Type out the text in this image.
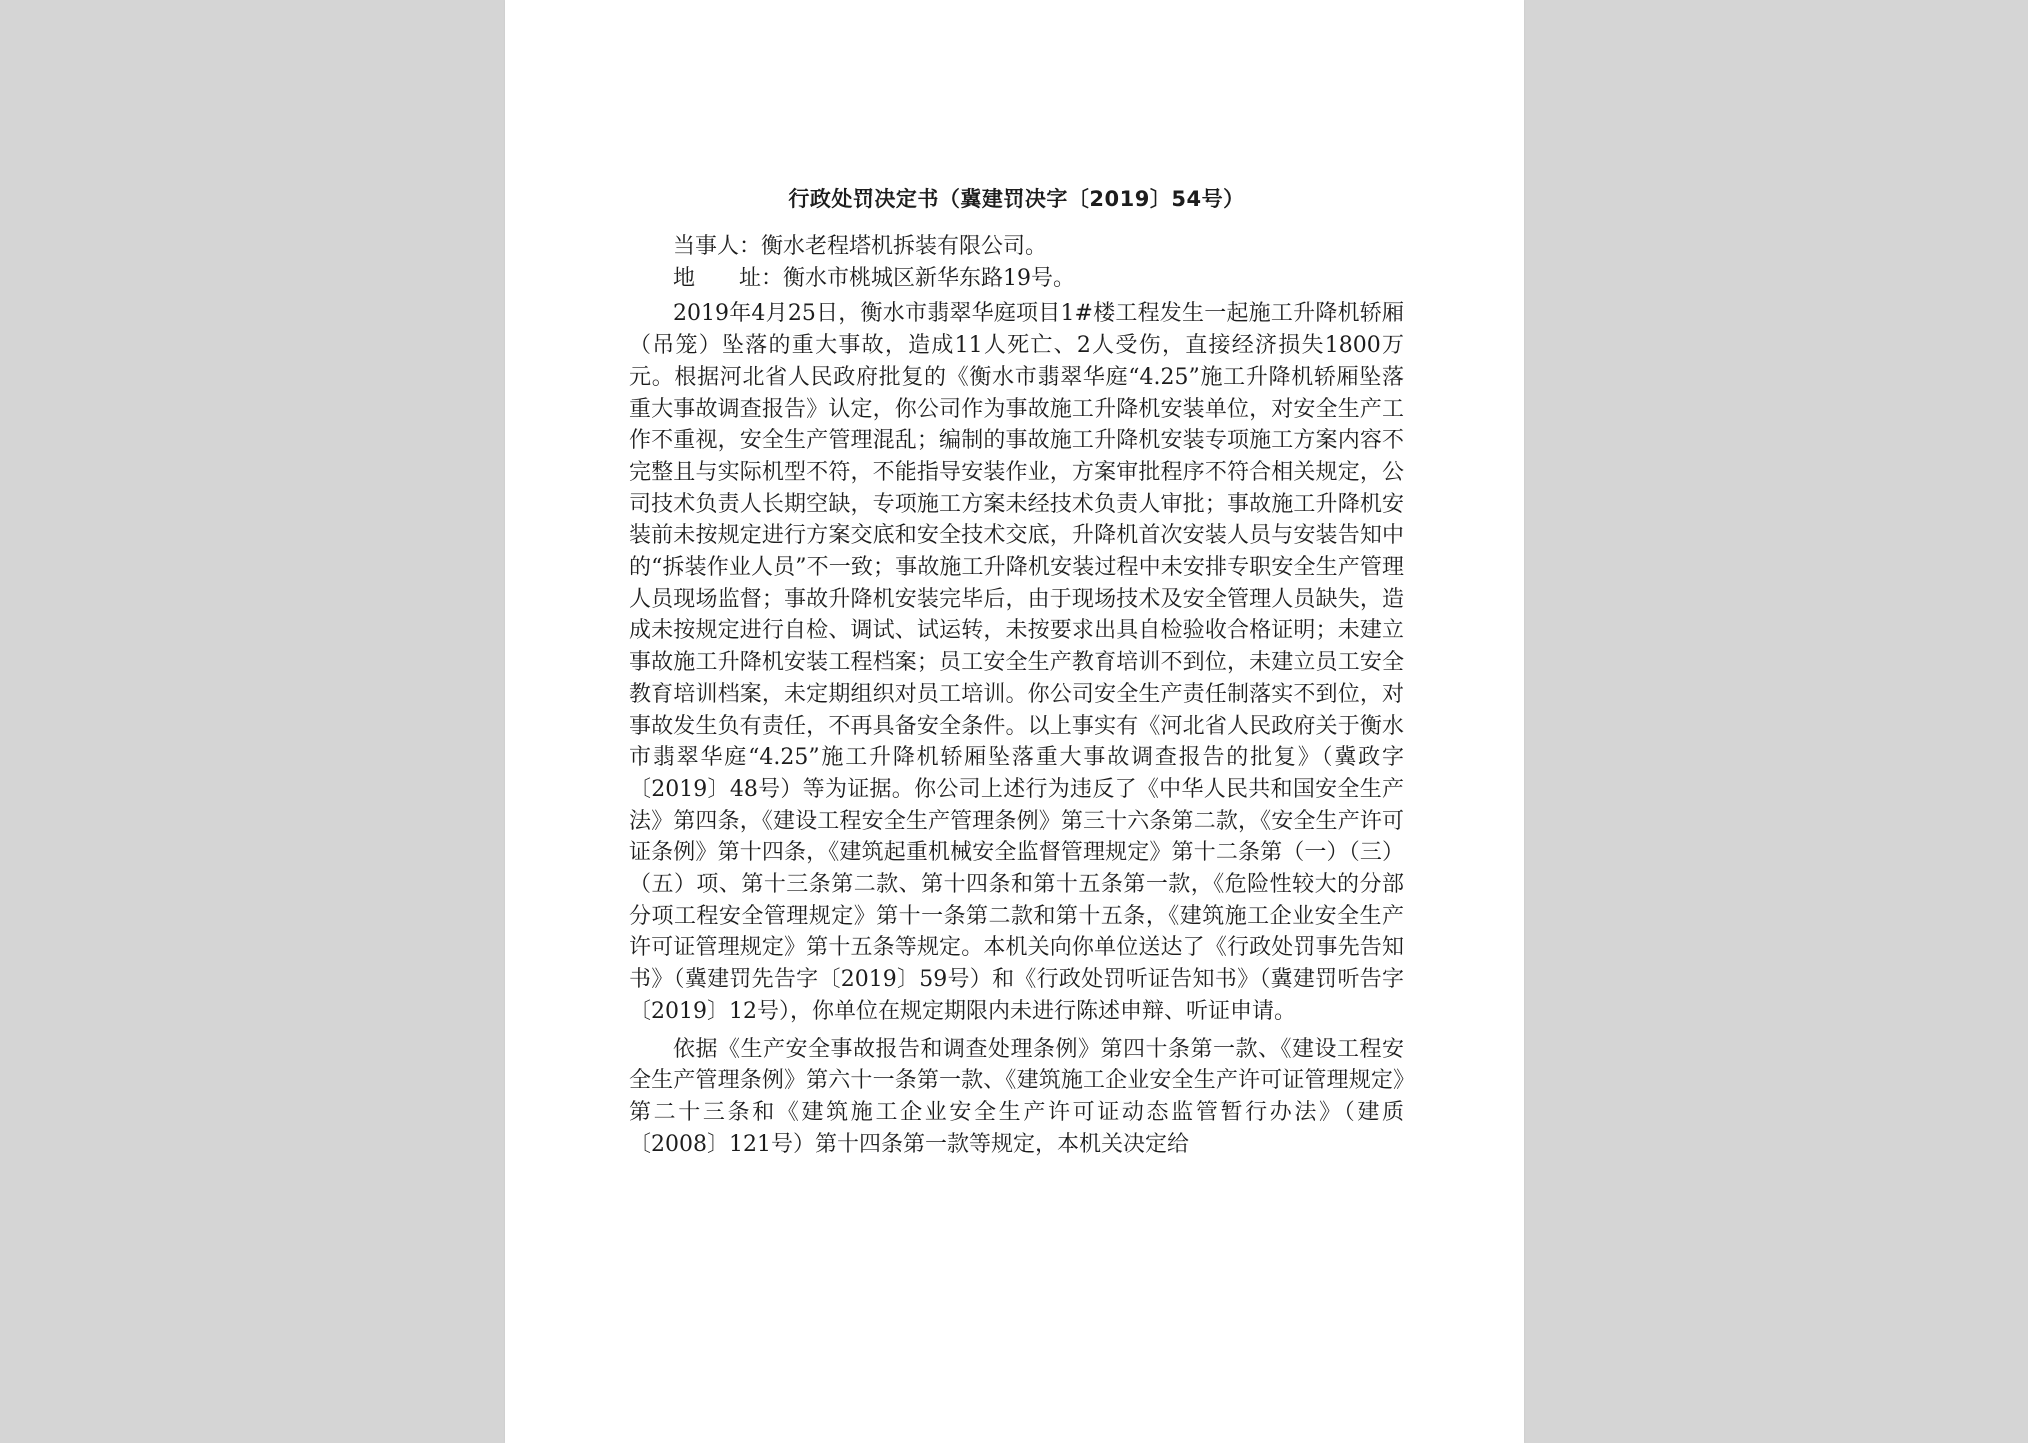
行政处罚决定书（冀建罚决字〔2019〕54号）

当事人：衡水老程塔机拆装有限公司。

地　　址：衡水市桃城区新华东路19号。

2019年4月25日，衡水市翡翠华庭项目1#楼工程发生一起施工升降机轿厢（吊笼）坠落的重大事故，造成11人死亡、2人受伤，直接经济损失1800万元。根据河北省人民政府批复的《衡水市翡翠华庭“4.25”施工升降机轿厢坠落重大事故调查报告》认定，你公司作为事故施工升降机安装单位，对安全生产工作不重视，安全生产管理混乱；编制的事故施工升降机安装专项施工方案内容不完整且与实际机型不符，不能指导安装作业，方案审批程序不符合相关规定，公司技术负责人长期空缺，专项施工方案未经技术负责人审批；事故施工升降机安装前未按规定进行方案交底和安全技术交底，升降机首次安装人员与安装告知中的“拆装作业人员”不一致；事故施工升降机安装过程中未安排专职安全生产管理人员现场监督；事故升降机安装完毕后，由于现场技术及安全管理人员缺失，造成未按规定进行自检、调试、试运转，未按要求出具自检验收合格证明；未建立事故施工升降机安装工程档案；员工安全生产教育培训不到位，未建立员工安全教育培训档案，未定期组织对员工培训。你公司安全生产责任制落实不到位，对事故发生负有责任，不再具备安全条件。以上事实有《河北省人民政府关于衡水市翡翠华庭“4.25”施工升降机轿厢坠落重大事故调查报告的批复》（冀政字〔2019〕48号）等为证据。你公司上述行为违反了《中华人民共和国安全生产法》第四条，《建设工程安全生产管理条例》第三十六条第二款，《安全生产许可证条例》第十四条，《建筑起重机械安全监督管理规定》第十二条第（一）（三）（五）项、第十三条第二款、第十四条和第十五条第一款，《危险性较大的分部分项工程安全管理规定》第十一条第二款和第十五条，《建筑施工企业安全生产许可证管理规定》第十五条等规定。本机关向你单位送达了《行政处罚事先告知书》（冀建罚先告字〔2019〕59号）和《行政处罚听证告知书》（冀建罚听告字〔2019〕12号），你单位在规定期限内未进行陈述申辩、听证申请。

依据《生产安全事故报告和调查处理条例》第四十条第一款、《建设工程安全生产管理条例》第六十一条第一款、《建筑施工企业安全生产许可证管理规定》第二十三条和《建筑施工企业安全生产许可证动态监管暂行办法》（建质〔2008〕121号）第十四条第一款等规定，本机关决定给
